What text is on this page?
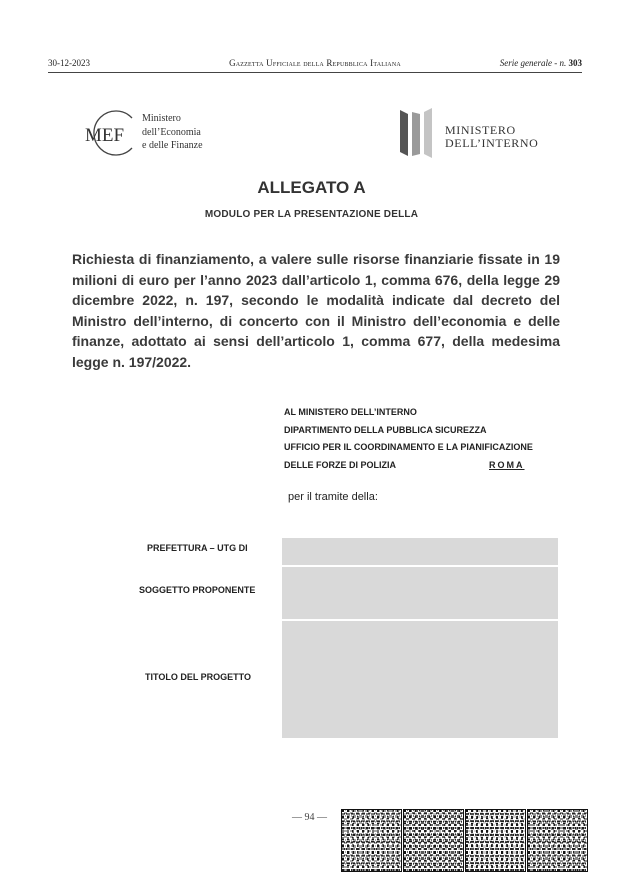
30-12-2023	Gazzetta Ufficiale della Repubblica Italiana	Serie generale - n. 303
MEF
Ministero
dell’Economia
e delle Finanze
MINISTERO
DELL’INTERNO
ALLEGATO A
MODULO PER LA PRESENTAZIONE DELLA
Richiesta di finanziamento, a valere sulle risorse finanziarie fissate in 19 milioni di euro per l’anno 2023 dall’articolo 1, comma 676, della legge 29 dicembre 2022, n. 197, secondo le modalità indicate dal decreto del Ministro dell’interno, di concerto con il Ministro dell’economia e delle finanze, adottato ai sensi dell’articolo 1, comma 677, della medesima legge n. 197/2022.
AL MINISTERO DELL’INTERNO
DIPARTIMENTO DELLA PUBBLICA SICUREZZA
UFFICIO PER IL COORDINAMENTO E LA PIANIFICAZIONE
DELLE FORZE DI POLIZIA	ROMA
per il tramite della:
PREFETTURA – UTG DI
SOGGETTO PROPONENTE
TITOLO DEL PROGETTO
— 94 —
